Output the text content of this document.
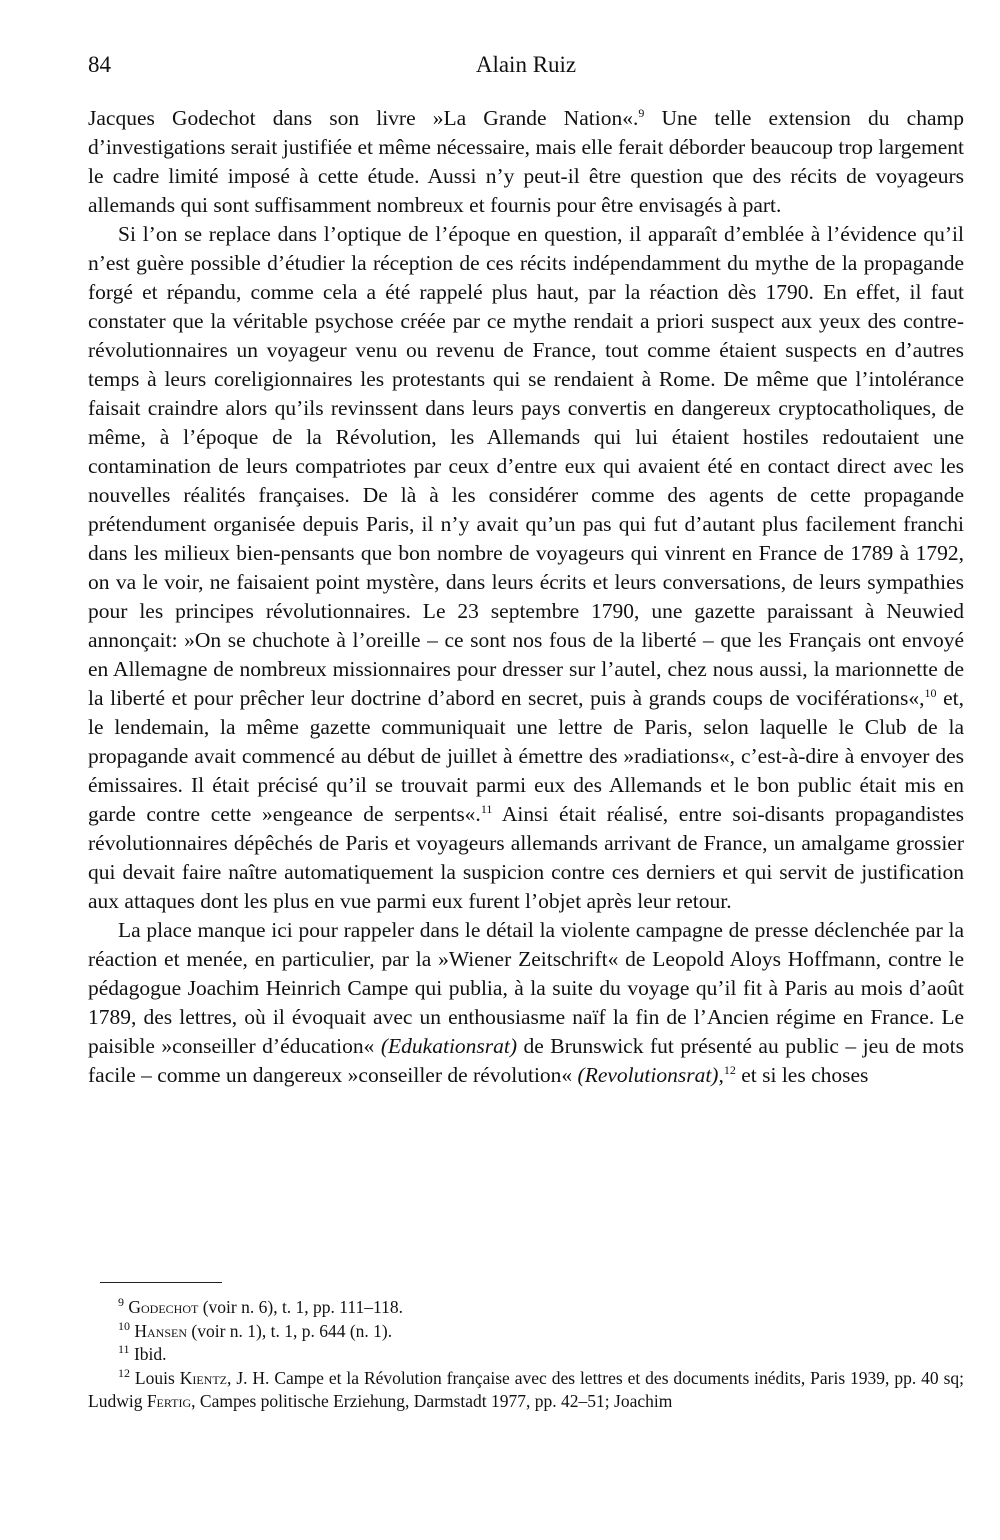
84	Alain Ruiz

Jacques Godechot dans son livre »La Grande Nation«.$^9$ Une telle extension du champ d’investigations serait justifiée et même nécessaire, mais elle ferait déborder beaucoup trop largement le cadre limité imposé à cette étude. Aussi n’y peut-il être question que des récits de voyageurs allemands qui sont suffisamment nombreux et fournis pour être envisagés à part.

Si l’on se replace dans l’optique de l’époque en question, il apparaît d’emblée à l’évidence qu’il n’est guère possible d’étudier la réception de ces récits indépendamment du mythe de la propagande forgé et répandu, comme cela a été rappelé plus haut, par la réaction dès 1790. En effet, il faut constater que la véritable psychose créée par ce mythe rendait a priori suspect aux yeux des contre-révolutionnaires un voyageur venu ou revenu de France, tout comme étaient suspects en d’autres temps à leurs coreligionnaires les protestants qui se rendaient à Rome. De même que l’intolérance faisait craindre alors qu’ils revinssent dans leurs pays convertis en dangereux cryptocatholiques, de même, à l’époque de la Révolution, les Allemands qui lui étaient hostiles redoutaient une contamination de leurs compatriotes par ceux d’entre eux qui avaient été en contact direct avec les nouvelles réalités françaises. De là à les considérer comme des agents de cette propagande prétendument organisée depuis Paris, il n’y avait qu’un pas qui fut d’autant plus facilement franchi dans les milieux bien-pensants que bon nombre de voyageurs qui vinrent en France de 1789 à 1792, on va le voir, ne faisaient point mystère, dans leurs écrits et leurs conversations, de leurs sympathies pour les principes révolutionnaires. Le 23 septembre 1790, une gazette paraissant à Neuwied annonçait: »On se chuchote à l’oreille – ce sont nos fous de la liberté – que les Français ont envoyé en Allemagne de nombreux missionnaires pour dresser sur l’autel, chez nous aussi, la marionnette de la liberté et pour prêcher leur doctrine d’abord en secret, puis à grands coups de vociférations«,$^{10}$ et, le lendemain, la même gazette communiquait une lettre de Paris, selon laquelle le Club de la propagande avait commencé au début de juillet à émettre des »radiations«, c’est-à-dire à envoyer des émissaires. Il était précisé qu’il se trouvait parmi eux des Allemands et le bon public était mis en garde contre cette »engeance de serpents«.$^{11}$ Ainsi était réalisé, entre soi-disants propagandistes révolutionnaires dépêchés de Paris et voyageurs allemands arrivant de France, un amalgame grossier qui devait faire naître automatiquement la suspicion contre ces derniers et qui servit de justification aux attaques dont les plus en vue parmi eux furent l’objet après leur retour.

La place manque ici pour rappeler dans le détail la violente campagne de presse déclenchée par la réaction et menée, en particulier, par la »Wiener Zeitschrift« de Leopold Aloys Hoffmann, contre le pédagogue Joachim Heinrich Campe qui publia, à la suite du voyage qu’il fit à Paris au mois d’août 1789, des lettres, où il évoquait avec un enthousiasme naïf la fin de l’Ancien régime en France. Le paisible »conseiller d’éducation« (Edukationsrat) de Brunswick fut présenté au public – jeu de mots facile – comme un dangereux »conseiller de révolution« (Revolutionsrat),$^{12}$ et si les choses

$^9$ Godechot (voir n. 6), t. 1, pp. 111–118.

$^{10}$ Hansen (voir n. 1), t. 1, p. 644 (n. 1).

$^{11}$ Ibid.

$^{12}$ Louis Kientz, J. H. Campe et la Révolution française avec des lettres et des documents inédits, Paris 1939, pp. 40 sq; Ludwig Fertig, Campes politische Erziehung, Darmstadt 1977, pp. 42–51; Joachim
